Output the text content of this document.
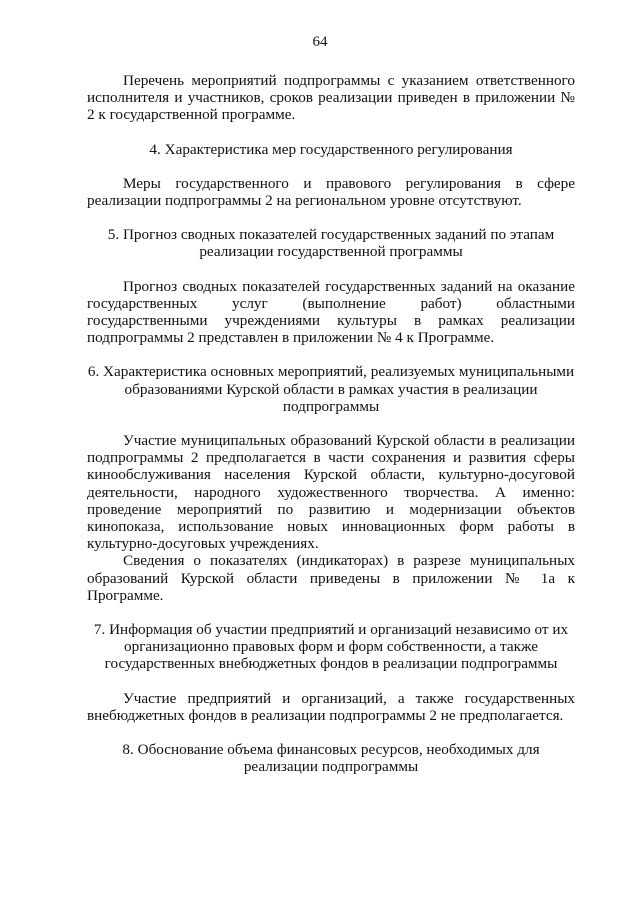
64

Перечень мероприятий подпрограммы с указанием ответственного исполнителя и участников, сроков реализации приведен в приложении № 2 к государственной программе.

4. Характеристика мер государственного регулирования

Меры государственного и правового регулирования в сфере реализации подпрограммы 2 на региональном уровне отсутствуют.

5. Прогноз сводных показателей государственных заданий по этапам реализации государственной программы

Прогноз сводных показателей государственных заданий на оказание государственных услуг (выполнение работ) областными государственными учреждениями культуры в рамках реализации подпрограммы 2 представлен в приложении № 4 к Программе.

6. Характеристика основных мероприятий, реализуемых муниципальными образованиями Курской области в рамках участия в реализации подпрограммы

Участие муниципальных образований Курской области в реализации подпрограммы 2 предполагается в части сохранения и развития сферы кинообслуживания населения Курской области, культурно-досуговой деятельности, народного художественного творчества. А именно: проведение мероприятий по развитию и модернизации объектов кинопоказа, использование новых инновационных форм работы в культурно-досуговых учреждениях.

Сведения о показателях (индикаторах) в разрезе муниципальных образований Курской области приведены в приложении № 1а к Программе.

7. Информация об участии предприятий и организаций независимо от их организационно правовых форм и форм собственности, а также государственных внебюджетных фондов в реализации подпрограммы

Участие предприятий и организаций, а также государственных внебюджетных фондов в реализации подпрограммы 2 не предполагается.

8. Обоснование объема финансовых ресурсов, необходимых для реализации подпрограммы
